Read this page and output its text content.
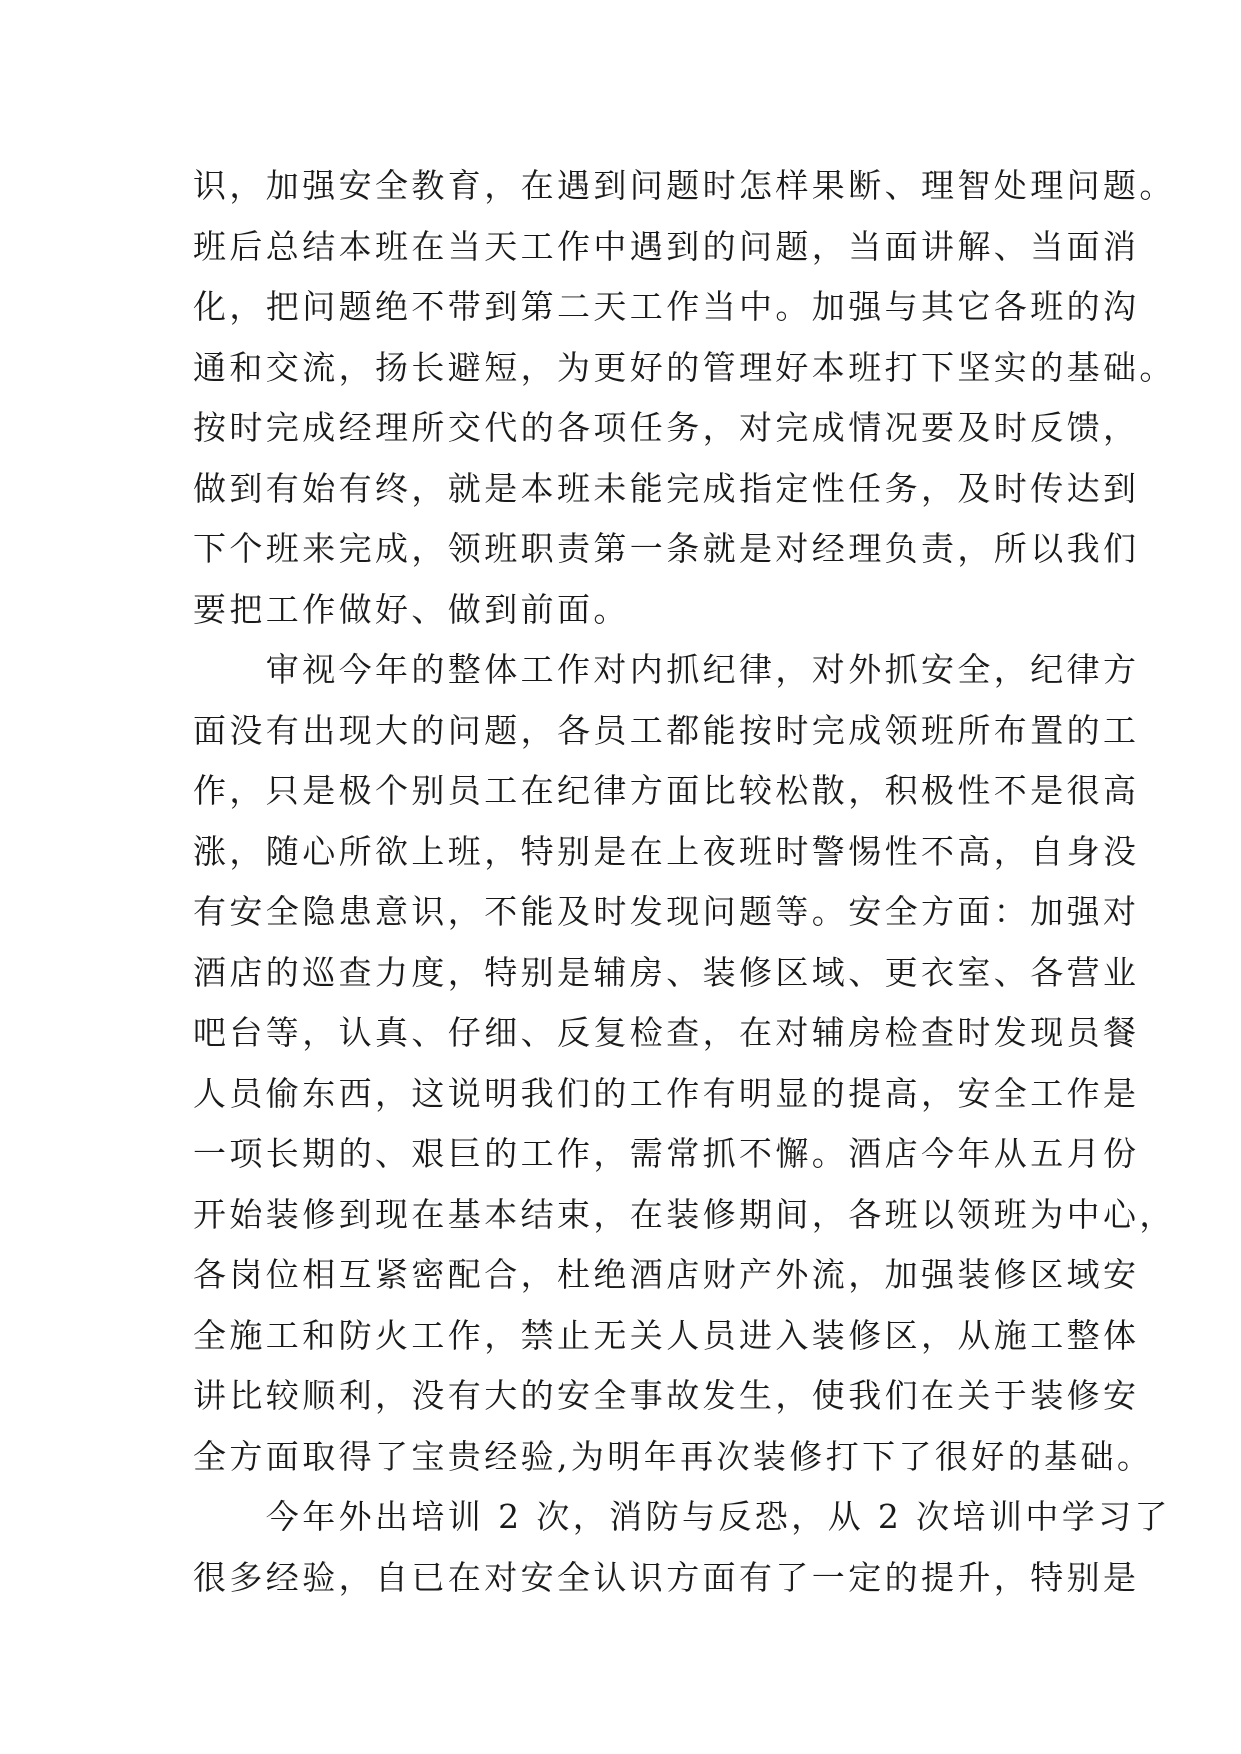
识，加强安全教育，在遇到问题时怎样果断、理智处理问题。
班后总结本班在当天工作中遇到的问题，当面讲解、当面消
化，把问题绝不带到第二天工作当中。加强与其它各班的沟
通和交流，扬长避短，为更好的管理好本班打下坚实的基础。
按时完成经理所交代的各项任务，对完成情况要及时反馈，
做到有始有终，就是本班未能完成指定性任务，及时传达到
下个班来完成，领班职责第一条就是对经理负责，所以我们
要把工作做好、做到前面。
　　审视今年的整体工作对内抓纪律，对外抓安全，纪律方
面没有出现大的问题，各员工都能按时完成领班所布置的工
作，只是极个别员工在纪律方面比较松散，积极性不是很高
涨，随心所欲上班，特别是在上夜班时警惕性不高，自身没
有安全隐患意识，不能及时发现问题等。安全方面：加强对
酒店的巡查力度，特别是辅房、装修区域、更衣室、各营业
吧台等，认真、仔细、反复检查，在对辅房检查时发现员餐
人员偷东西，这说明我们的工作有明显的提高，安全工作是
一项长期的、艰巨的工作，需常抓不懈。酒店今年从五月份
开始装修到现在基本结束，在装修期间，各班以领班为中心，
各岗位相互紧密配合，杜绝酒店财产外流，加强装修区域安
全施工和防火工作，禁止无关人员进入装修区，从施工整体
讲比较顺利，没有大的安全事故发生，使我们在关于装修安
全方面取得了宝贵经验,为明年再次装修打下了很好的基础。
　　今年外出培训 2 次，消防与反恐，从 2 次培训中学习了
很多经验，自已在对安全认识方面有了一定的提升，特别是
